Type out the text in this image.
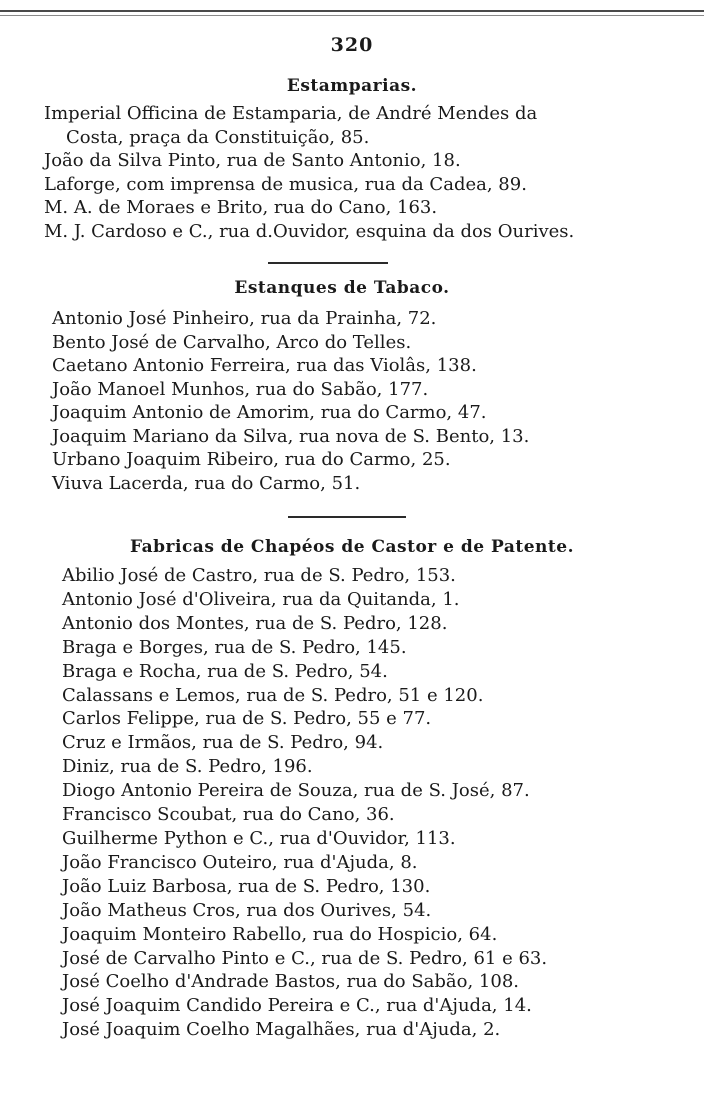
320
Estamparias.

Imperial Officina de Estamparia, de André Mendes da

Costa, praça da Constituição, 85.

João da Silva Pinto, rua de Santo Antonio, 18.

Laforge, com imprensa de musica, rua da Cadea, 89.

M. A. de Moraes e Brito, rua do Cano, 163.

M. J. Cardoso e C., rua d.Ouvidor, esquina da dos Ourives.

Estanques de Tabaco.

Antonio José Pinheiro, rua da Prainha, 72.

Bento José de Carvalho, Arco do Telles.

Caetano Antonio Ferreira, rua das Violâs, 138.

João Manoel Munhos, rua do Sabão, 177.

Joaquim Antonio de Amorim, rua do Carmo, 47.

Joaquim Mariano da Silva, rua nova de S. Bento, 13.

Urbano Joaquim Ribeiro, rua do Carmo, 25.

Viuva Lacerda, rua do Carmo, 51.

Fabricas de Chapéos de Castor e de Patente.

Abilio José de Castro, rua de S. Pedro, 153.

Antonio José d'Oliveira, rua da Quitanda, 1.

Antonio dos Montes, rua de S. Pedro, 128.

Braga e Borges, rua de S. Pedro, 145.

Braga e Rocha, rua de S. Pedro, 54.

Calassans e Lemos, rua de S. Pedro, 51 e 120.

Carlos Felippe, rua de S. Pedro, 55 e 77.

Cruz e Irmãos, rua de S. Pedro, 94.

Diniz, rua de S. Pedro, 196.

Diogo Antonio Pereira de Souza, rua de S. José, 87.

Francisco Scoubat, rua do Cano, 36.

Guilherme Python e C., rua d'Ouvidor, 113.

João Francisco Outeiro, rua d'Ajuda, 8.

João Luiz Barbosa, rua de S. Pedro, 130.

João Matheus Cros, rua dos Ourives, 54.

Joaquim Monteiro Rabello, rua do Hospicio, 64.

José de Carvalho Pinto e C., rua de S. Pedro, 61 e 63.

José Coelho d'Andrade Bastos, rua do Sabão, 108.

José Joaquim Candido Pereira e C., rua d'Ajuda, 14.

José Joaquim Coelho Magalhães, rua d'Ajuda, 2.
